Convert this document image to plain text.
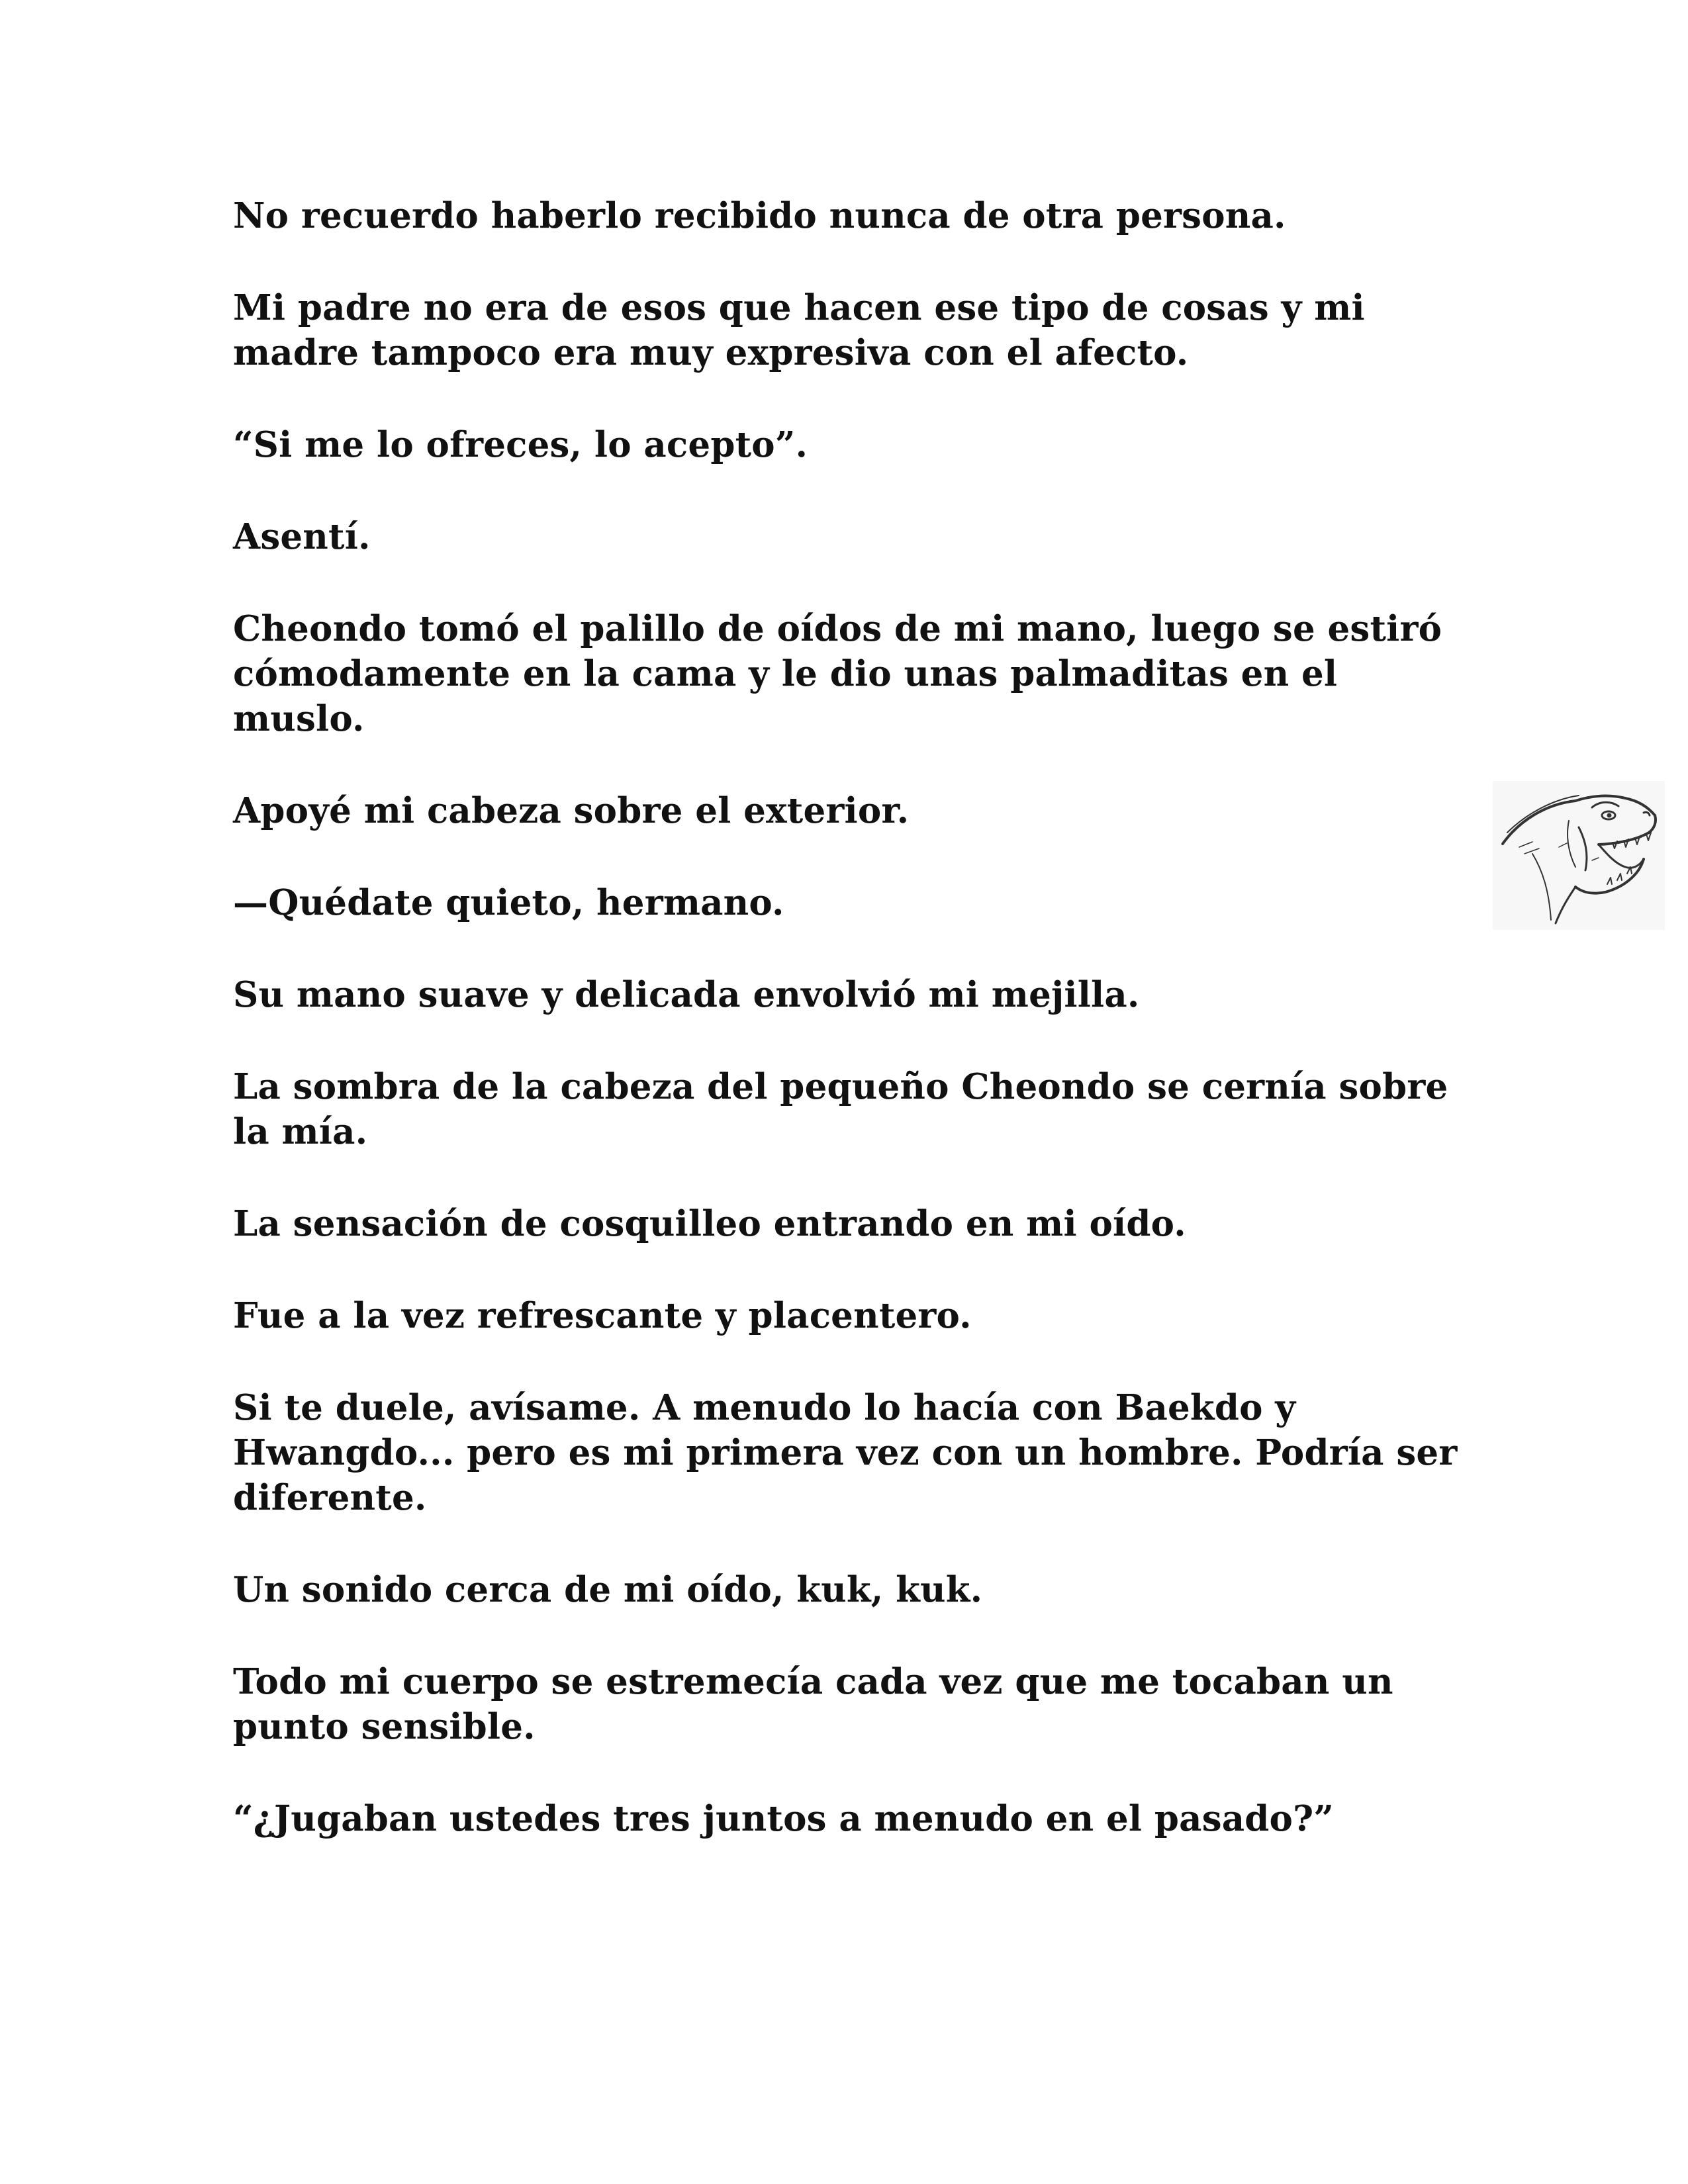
No recuerdo haberlo recibido nunca de otra persona.

Mi padre no era de esos que hacen ese tipo de cosas y mi madre tampoco era muy expresiva con el afecto.

“Si me lo ofreces, lo acepto”.

Asentí.

Cheondo tomó el palillo de oídos de mi mano, luego se estiró cómodamente en la cama y le dio unas palmaditas en el muslo.

Apoyé mi cabeza sobre el exterior.

—Quédate quieto, hermano.

Su mano suave y delicada envolvió mi mejilla.

La sombra de la cabeza del pequeño Cheondo se cernía sobre la mía.

La sensación de cosquilleo entrando en mi oído.

Fue a la vez refrescante y placentero.

Si te duele, avísame. A menudo lo hacía con Baekdo y Hwangdo... pero es mi primera vez con un hombre. Podría ser diferente.

Un sonido cerca de mi oído, kuk, kuk.

Todo mi cuerpo se estremecía cada vez que me tocaban un punto sensible.

“¿Jugaban ustedes tres juntos a menudo en el pasado?”
